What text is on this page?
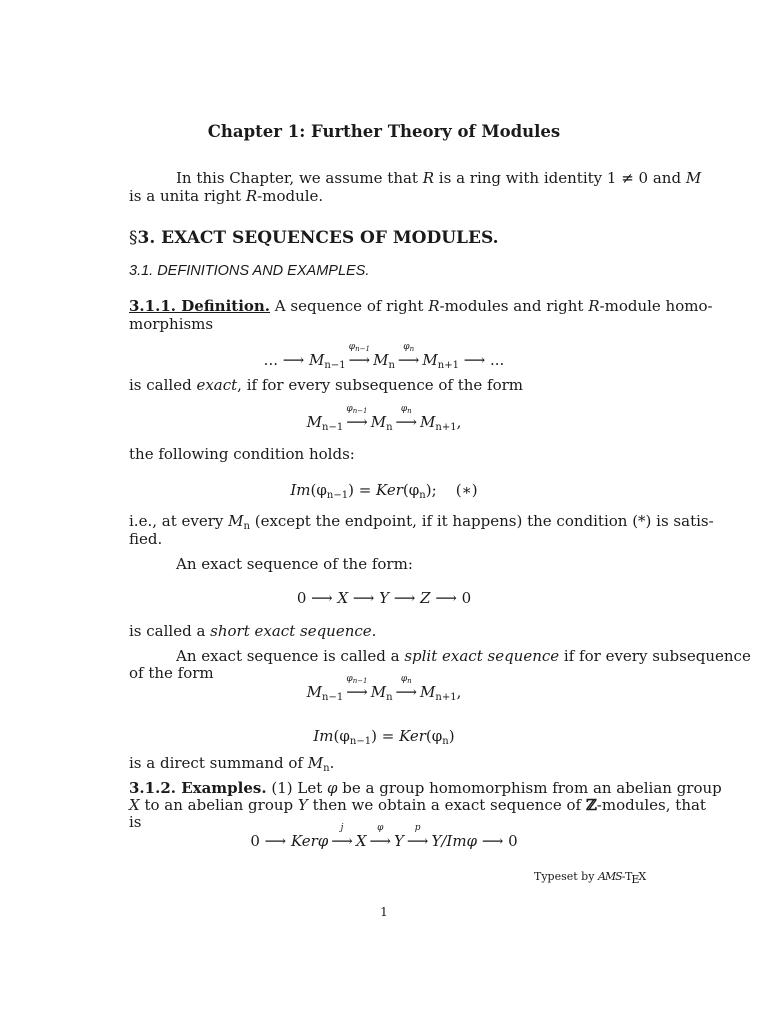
Chapter 1: Further Theory of Modules
In this Chapter, we assume that R is a ring with identity 1 ≠ 0 and M
is a unita right R-module.
§3. EXACT SEQUENCES OF MODULES.
3.1. DEFINITIONS AND EXAMPLES.
3.1.1. Definition. A sequence of right R-modules and right R-module homo-
morphisms
... ⟶ $M_{n-1}$
$\varphi_{n-1}$
⟶ $M_n$
$\varphi_n$
⟶ $M_{n+1}$ ⟶ ...
is called exact, if for every subsequence of the form
$M_{n-1}$
$\varphi_{n-1}$
⟶ $M_n$
$\varphi_n$
⟶ $M_{n+1}$,
the following condition holds:
$Im(\varphi_{n-1}) = Ker(\varphi_n)$;    (∗)
i.e., at every $M_n$ (except the endpoint, if it happens) the condition (*) is satis-
fied.
An exact sequence of the form:
0 ⟶ X ⟶ Y ⟶ Z ⟶ 0
is called a short exact sequence.
An exact sequence is called a split exact sequence if for every subsequence
of the form
$M_{n-1}$
$\varphi_{n-1}$
⟶ $M_n$
$\varphi_n$
⟶ $M_{n+1}$,
$Im(\varphi_{n-1}) = Ker(\varphi_n)$
is a direct summand of $M_n$.
3.1.2. Examples. (1) Let φ be a group homomorphism from an abelian group
X to an abelian group Y then we obtain a exact sequence of ℤ-modules, that
is
0 ⟶ Kerφ
j
⟶ X
φ
⟶ Y
p
⟶ Y/Imφ ⟶ 0
Typeset by AMS-TEX
1
